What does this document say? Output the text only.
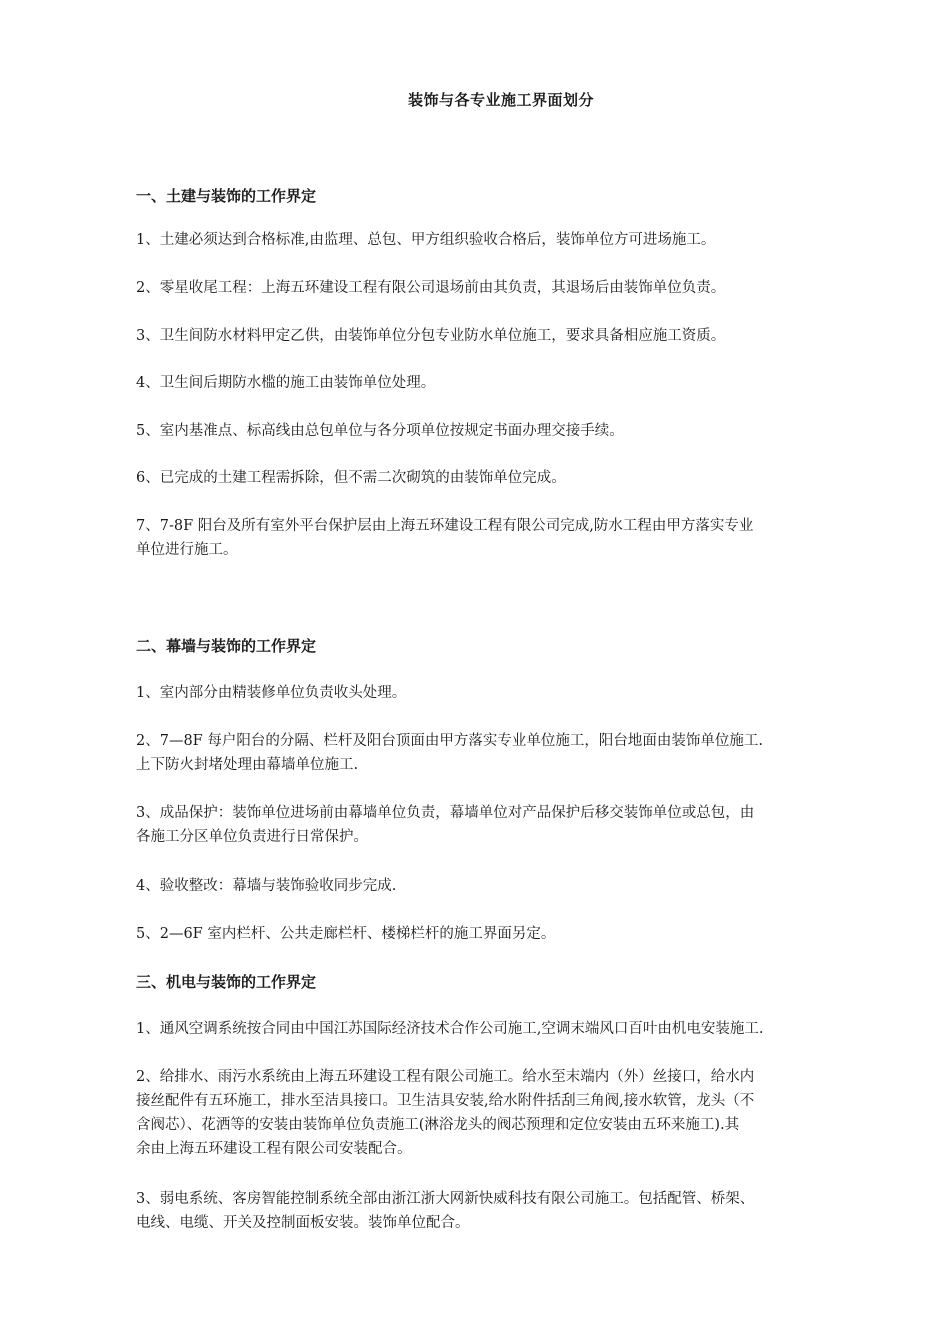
装饰与各专业施工界面划分
一、土建与装饰的工作界定

1、土建必须达到合格标准,由监理、总包、甲方组织验收合格后，装饰单位方可进场施工。

2、零星收尾工程：上海五环建设工程有限公司退场前由其负责，其退场后由装饰单位负责。

3、卫生间防水材料甲定乙供，由装饰单位分包专业防水单位施工，要求具备相应施工资质。

4、卫生间后期防水槛的施工由装饰单位处理。

5、室内基准点、标高线由总包单位与各分项单位按规定书面办理交接手续。

6、已完成的土建工程需拆除，但不需二次砌筑的由装饰单位完成。

7、7-8F 阳台及所有室外平台保护层由上海五环建设工程有限公司完成,防水工程由甲方落实专业
单位进行施工。

二、幕墙与装饰的工作界定

1、室内部分由精装修单位负责收头处理。

2、7—8F 每户阳台的分隔、栏杆及阳台顶面由甲方落实专业单位施工，阳台地面由装饰单位施工.
上下防火封堵处理由幕墙单位施工.

3、成品保护：装饰单位进场前由幕墙单位负责，幕墙单位对产品保护后移交装饰单位或总包，由
各施工分区单位负责进行日常保护。

4、验收整改：幕墙与装饰验收同步完成.

5、2—6F 室内栏杆、公共走廊栏杆、楼梯栏杆的施工界面另定。

三、机电与装饰的工作界定

1、通风空调系统按合同由中国江苏国际经济技术合作公司施工,空调末端风口百叶由机电安装施工.

2、给排水、雨污水系统由上海五环建设工程有限公司施工。给水至末端内（外）丝接口，给水内
接丝配件有五环施工，排水至洁具接口。卫生洁具安装,给水附件括刮三角阀,接水软管，龙头（不
含阀芯）、花洒等的安装由装饰单位负责施工(淋浴龙头的阀芯预理和定位安装由五环来施工).其
余由上海五环建设工程有限公司安装配合。

3、弱电系统、客房智能控制系统全部由浙江浙大网新快威科技有限公司施工。包括配管、桥架、
电线、电缆、开关及控制面板安装。装饰单位配合。
